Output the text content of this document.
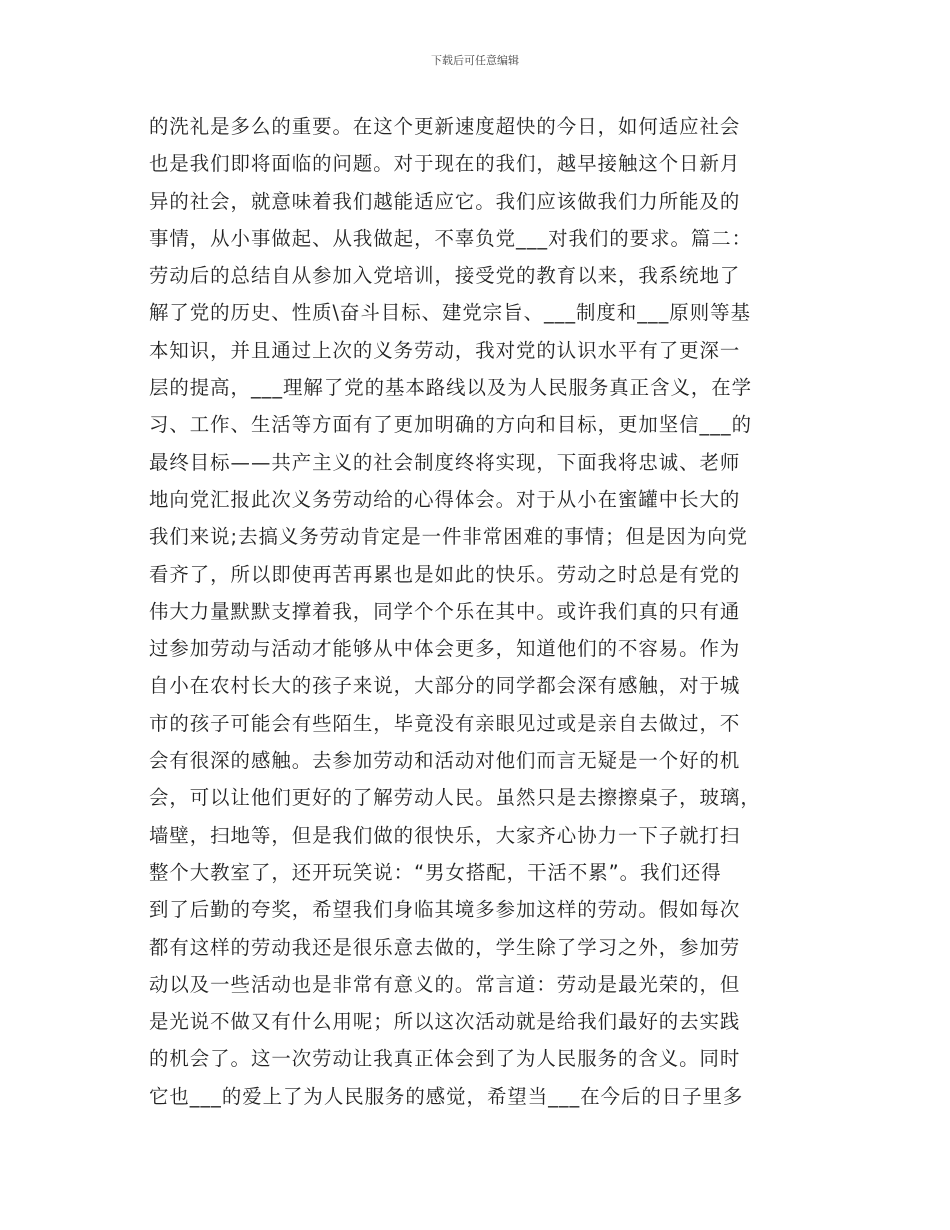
下载后可任意编辑
的洗礼是多么的重要。在这个更新速度超快的今日，如何适应社会
也是我们即将面临的问题。对于现在的我们，越早接触这个日新月
异的社会，就意味着我们越能适应它。我们应该做我们力所能及的
事情，从小事做起、从我做起，不辜负党___对我们的要求。篇二：
劳动后的总结自从参加入党培训，接受党的教育以来，我系统地了
解了党的历史、性质\奋斗目标、建党宗旨、___制度和___原则等基
本知识，并且通过上次的义务劳动，我对党的认识水平有了更深一
层的提高，___理解了党的基本路线以及为人民服务真正含义，在学
习、工作、生活等方面有了更加明确的方向和目标，更加坚信___的
最终目标——共产主义的社会制度终将实现，下面我将忠诚、老师
地向党汇报此次义务劳动给的心得体会。对于从小在蜜罐中长大的
我们来说;去搞义务劳动肯定是一件非常困难的事情；但是因为向党
看齐了，所以即使再苦再累也是如此的快乐。劳动之时总是有党的
伟大力量默默支撑着我，同学个个乐在其中。或许我们真的只有通
过参加劳动与活动才能够从中体会更多，知道他们的不容易。作为
自小在农村长大的孩子来说，大部分的同学都会深有感触，对于城
市的孩子可能会有些陌生，毕竟没有亲眼见过或是亲自去做过，不
会有很深的感触。去参加劳动和活动对他们而言无疑是一个好的机
会，可以让他们更好的了解劳动人民。虽然只是去擦擦桌子，玻璃，
墙壁，扫地等，但是我们做的很快乐，大家齐心协力一下子就打扫
整个大教室了，还开玩笑说：“男女搭配，干活不累”。我们还得
到了后勤的夸奖，希望我们身临其境多参加这样的劳动。假如每次
都有这样的劳动我还是很乐意去做的，学生除了学习之外，参加劳
动以及一些活动也是非常有意义的。常言道：劳动是最光荣的，但
是光说不做又有什么用呢；所以这次活动就是给我们最好的去实践
的机会了。这一次劳动让我真正体会到了为人民服务的含义。同时
它也___的爱上了为人民服务的感觉，希望当___在今后的日子里多
